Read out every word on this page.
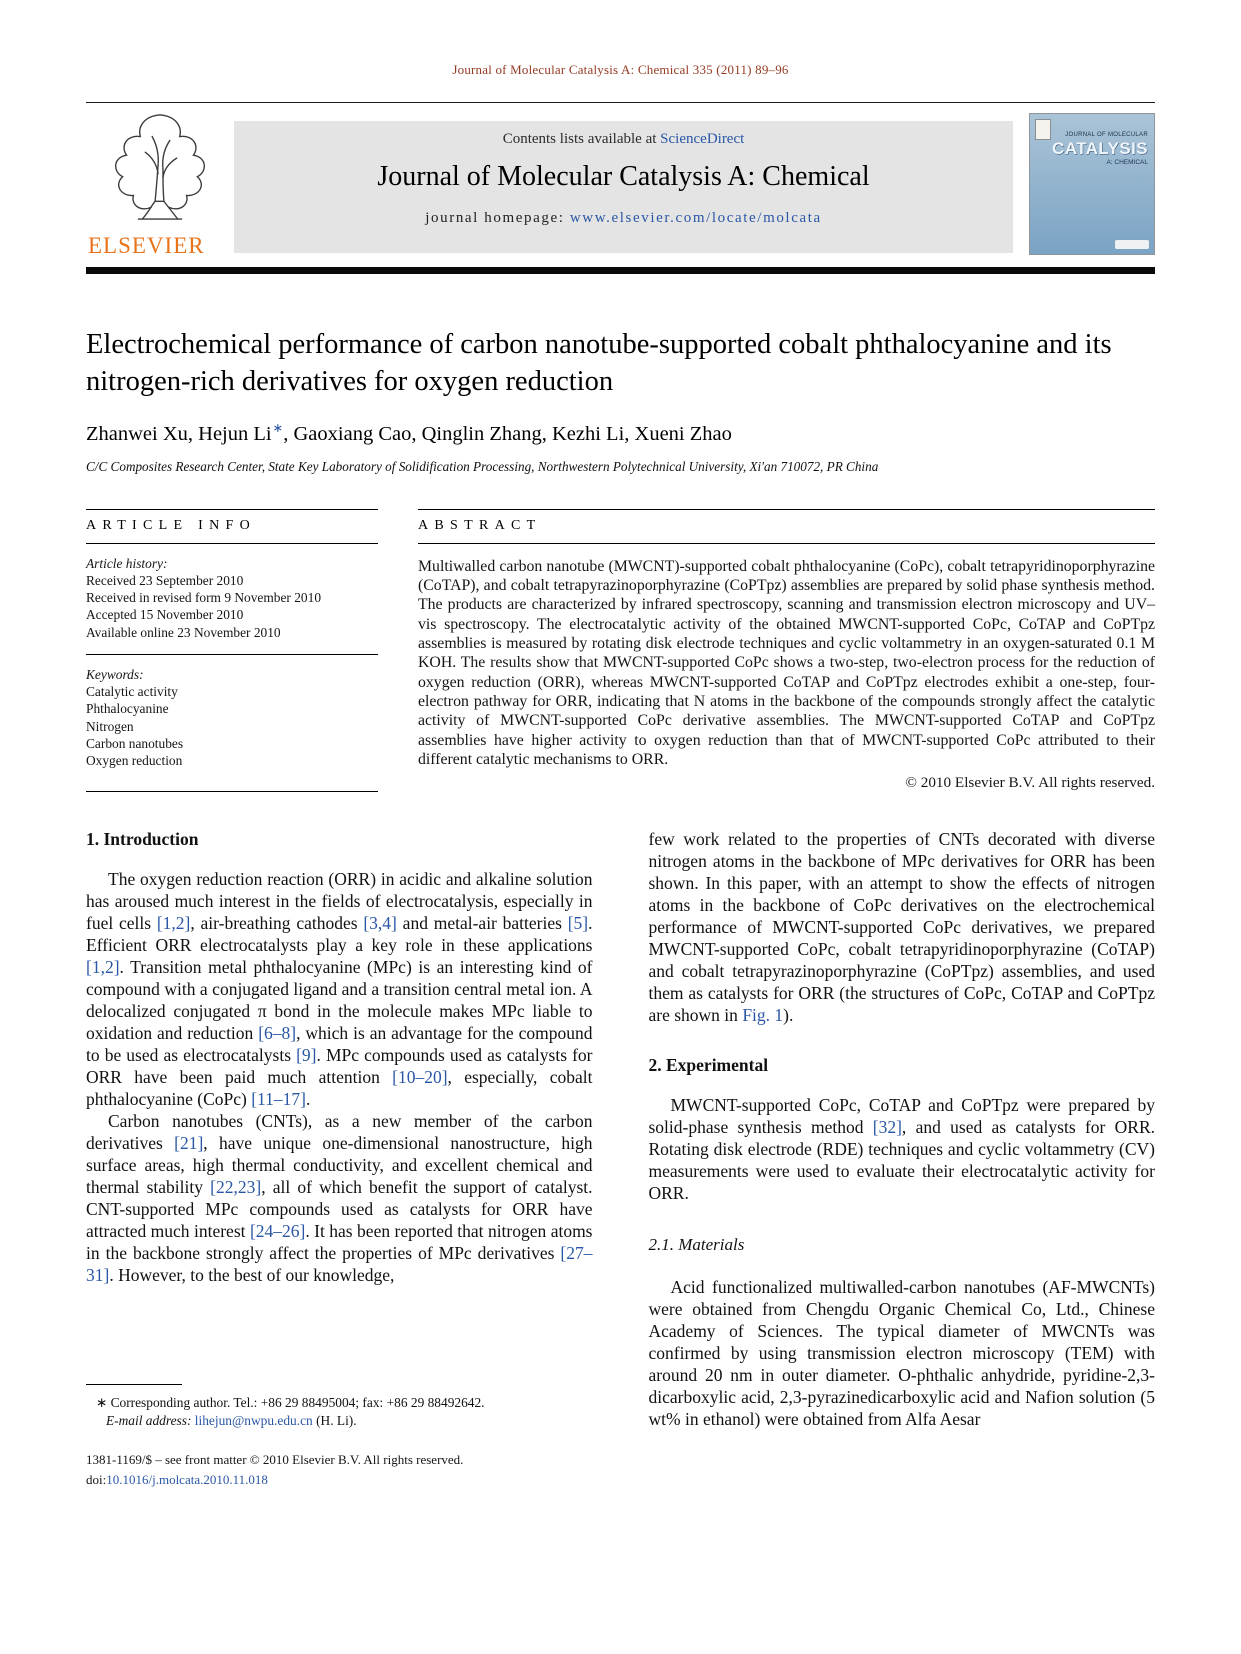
Journal of Molecular Catalysis A: Chemical 335 (2011) 89–96
ELSEVIER
Contents lists available at ScienceDirect
Journal of Molecular Catalysis A: Chemical
journal homepage: www.elsevier.com/locate/molcata
JOURNAL OF MOLECULAR
CATALYSIS
A: CHEMICAL
Electrochemical performance of carbon nanotube-supported cobalt phthalocyanine and its nitrogen-rich derivatives for oxygen reduction
Zhanwei Xu, Hejun Li∗, Gaoxiang Cao, Qinglin Zhang, Kezhi Li, Xueni Zhao
C/C Composites Research Center, State Key Laboratory of Solidification Processing, Northwestern Polytechnical University, Xi'an 710072, PR China
ARTICLE INFO
Article history:
Received 23 September 2010
Received in revised form 9 November 2010
Accepted 15 November 2010
Available online 23 November 2010
Keywords:
Catalytic activity
Phthalocyanine
Nitrogen
Carbon nanotubes
Oxygen reduction
ABSTRACT

Multiwalled carbon nanotube (MWCNT)-supported cobalt phthalocyanine (CoPc), cobalt tetrapyridinoporphyrazine (CoTAP), and cobalt tetrapyrazinoporphyrazine (CoPTpz) assemblies are prepared by solid phase synthesis method. The products are characterized by infrared spectroscopy, scanning and transmission electron microscopy and UV–vis spectroscopy. The electrocatalytic activity of the obtained MWCNT-supported CoPc, CoTAP and CoPTpz assemblies is measured by rotating disk electrode techniques and cyclic voltammetry in an oxygen-saturated 0.1 M KOH. The results show that MWCNT-supported CoPc shows a two-step, two-electron process for the reduction of oxygen reduction (ORR), whereas MWCNT-supported CoTAP and CoPTpz electrodes exhibit a one-step, four-electron pathway for ORR, indicating that N atoms in the backbone of the compounds strongly affect the catalytic activity of MWCNT-supported CoPc derivative assemblies. The MWCNT-supported CoTAP and CoPTpz assemblies have higher activity to oxygen reduction than that of MWCNT-supported CoPc attributed to their different catalytic mechanisms to ORR.

© 2010 Elsevier B.V. All rights reserved.
1. Introduction

The oxygen reduction reaction (ORR) in acidic and alkaline solution has aroused much interest in the fields of electrocatalysis, especially in fuel cells [1,2], air-breathing cathodes [3,4] and metal-air batteries [5]. Efficient ORR electrocatalysts play a key role in these applications [1,2]. Transition metal phthalocyanine (MPc) is an interesting kind of compound with a conjugated ligand and a transition central metal ion. A delocalized conjugated π bond in the molecule makes MPc liable to oxidation and reduction [6–8], which is an advantage for the compound to be used as electrocatalysts [9]. MPc compounds used as catalysts for ORR have been paid much attention [10–20], especially, cobalt phthalocyanine (CoPc) [11–17].

Carbon nanotubes (CNTs), as a new member of the carbon derivatives [21], have unique one-dimensional nanostructure, high surface areas, high thermal conductivity, and excellent chemical and thermal stability [22,23], all of which benefit the support of catalyst. CNT-supported MPc compounds used as catalysts for ORR have attracted much interest [24–26]. It has been reported that nitrogen atoms in the backbone strongly affect the properties of MPc derivatives [27–31]. However, to the best of our knowledge,

∗ Corresponding author. Tel.: +86 29 88495004; fax: +86 29 88492642.
E-mail address: lihejun@nwpu.edu.cn (H. Li).

few work related to the properties of CNTs decorated with diverse nitrogen atoms in the backbone of MPc derivatives for ORR has been shown. In this paper, with an attempt to show the effects of nitrogen atoms in the backbone of CoPc derivatives on the electrochemical performance of MWCNT-supported CoPc derivatives, we prepared MWCNT-supported CoPc, cobalt tetrapyridinoporphyrazine (CoTAP) and cobalt tetrapyrazinoporphyrazine (CoPTpz) assemblies, and used them as catalysts for ORR (the structures of CoPc, CoTAP and CoPTpz are shown in Fig. 1).

2. Experimental

MWCNT-supported CoPc, CoTAP and CoPTpz were prepared by solid-phase synthesis method [32], and used as catalysts for ORR. Rotating disk electrode (RDE) techniques and cyclic voltammetry (CV) measurements were used to evaluate their electrocatalytic activity for ORR.

2.1. Materials

Acid functionalized multiwalled-carbon nanotubes (AF-MWCNTs) were obtained from Chengdu Organic Chemical Co, Ltd., Chinese Academy of Sciences. The typical diameter of MWCNTs was confirmed by using transmission electron microscopy (TEM) with around 20 nm in outer diameter. O-phthalic anhydride, pyridine-2,3-dicarboxylic acid, 2,3-pyrazinedicarboxylic acid and Nafion solution (5 wt% in ethanol) were obtained from Alfa Aesar

1381-1169/$ – see front matter © 2010 Elsevier B.V. All rights reserved.
doi:10.1016/j.molcata.2010.11.018
